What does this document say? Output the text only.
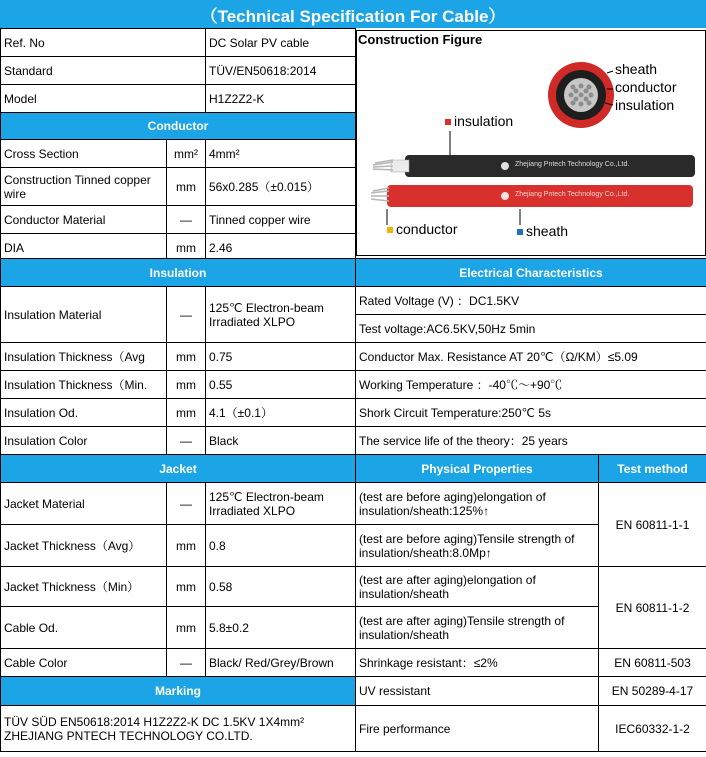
（Technical Specification For Cable）
Ref. No		DC Solar PV cable
Standard		TÜV/EN50618:2014
Model		H1Z2Z2-K
Conductor		
Cross Section	mm²	4mm²
Construction Tinned copper wire	mm	56x0.285（±0.015）
Conductor Material	—	Tinned copper wire
DIA	mm	2.46
sheath
conductor
insulation
insulation
conductor	sheath
Zhejiang Pntech Technology Co.,Ltd.
Zhejiang Pntech Technology Co.,Ltd.
Construction Figure
Insulation		
Insulation Material	—	125℃ Electron-beam Irradiated XLPO
Insulation Thickness（Avg	mm	0.75
Insulation Thickness（Min.	mm	0.55
Insulation Od.	mm	4.1（±0.1）
Insulation Color	—	Black
Electrical Characteristics
Rated Voltage (V) ：DC1.5KV
Test voltage:AC6.5KV,50Hz 5min
Conductor Max. Resistance AT 20℃（Ω/KM）≤5.09
Working Temperature ：-40℃～+90℃
Shork Circuit Temperature:250℃ 5s
The service life of the theory：25 years
Jacket		
Jacket Material	—	125℃ Electron-beam Irradiated XLPO
Jacket Thickness（Avg）	mm	0.8
Jacket Thickness（Min）	mm	0.58
Cable Od.	mm	5.8±0.2
Cable Color	—	Black/ Red/Grey/Brown
Marking		
TÜV SÜD EN50618:2014 H1Z2Z2-K DC 1.5KV 1X4mm² ZHEJIANG PNTECH TECHNOLOGY CO.LTD.		
Physical Properties	Test method
(test are before aging)elongation of insulation/sheath:125%↑	EN 60811-1-1
(test are before aging)Tensile strength of insulation/sheath:8.0Mp↑	
(test are after aging)elongation of insulation/sheath	EN 60811-1-2
(test are after aging)Tensile strength of insulation/sheath	
Shrinkage resistant：≤2%	EN 60811-503
UV ressistant	EN 50289-4-17
Fire performance	IEC60332-1-2
